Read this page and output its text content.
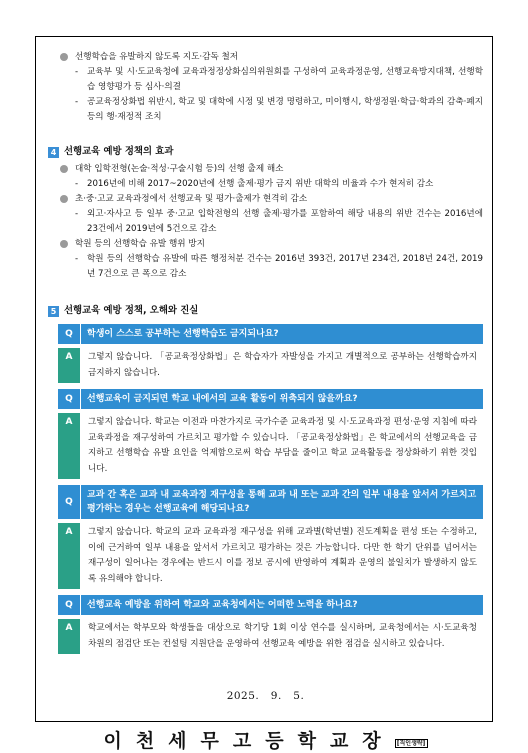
선행학습을 유발하지 않도록 지도·감독 철저
-	교육부 및 시·도교육청에 교육과정정상화심의위원회를 구성하여 교육과정운영, 선행교육방지대책, 선행학습 영향평가 등 심사·의결
-	공교육정상화법 위반시, 학교 및 대학에 시정 및 변경 명령하고, 미이행시, 학생정원·학급·학과의 감축·폐지 등의 행·재정적 조치
4 선행교육 예방 정책의 효과
대학 입학전형(논술·적성·구술시험 등)의 선행 출제 해소
-	2016년에 비해 2017~2020년에 선행 출제·평가 금지 위반 대학의 비율과 수가 현저히 감소
초·중·고교 교육과정에서 선행교육 및 평가·출제가 현격히 감소
-	외고·자사고 등 일부 중·고교 입학전형의 선행 출제·평가를 포함하여 해당 내용의 위반 건수는 2016년에 23건에서 2019년에 5건으로 감소
학원 등의 선행학습 유발 행위 방지
-	학원 등의 선행학습 유발에 따른 행정처분 건수는 2016년 393건, 2017년 234건, 2018년 24건, 2019년 7건으로 큰 폭으로 감소
5 선행교육 예방 정책, 오해와 진실
Q	학생이 스스로 공부하는 선행학습도 금지되나요?
A	그렇지 않습니다. 「공교육정상화법」은 학습자가 자발성을 가지고 개별적으로 공부하는 선행학습까지 금지하지 않습니다.
Q	선행교육이 금지되면 학교 내에서의 교육 활동이 위축되지 않을까요?
A	그렇지 않습니다. 학교는 이전과 마찬가지로 국가수준 교육과정 및 시·도교육과정 편성·운영 지침에 따라 교육과정을 재구성하여 가르치고 평가할 수 있습니다. 「공교육정상화법」은 학교에서의 선행교육을 금지하고 선행학습 유발 요인을 억제함으로써 학습 부담을 줄이고 학교 교육활동을 정상화하기 위한 것입니다.
Q
교과 간 혹은 교과 내 교육과정 재구성을 통해 교과 내 또는 교과 간의 일부 내용을 앞서서 가르치고 평가하는 경우는 선행교육에 해당되나요?
A	그렇지 않습니다. 학교의 교과 교육과정 재구성을 위해 교과별(학년별) 진도계획을 편성 또는 수정하고, 이에 근거하여 일부 내용을 앞서서 가르치고 평가하는 것은 가능합니다. 다만 한 학기 단위를 넘어서는 재구성이 일어나는 경우에는 반드시 이를 정보 공시에 반영하여 계획과 운영의 불일치가 발생하지 않도록 유의해야 합니다.
Q	선행교육 예방을 위하여 학교와 교육청에서는 어떠한 노력을 하나요?
A	학교에서는 학부모와 학생들을 대상으로 학기당 1회 이상 연수를 실시하며, 교육청에서는 시·도교육청 차원의 점검단 또는 컨설팅 지원단을 운영하여 선행교육 예방을 위한 점검을 실시하고 있습니다.
2025.   9.   5.
이천세무고등학교장 [직인생략]
